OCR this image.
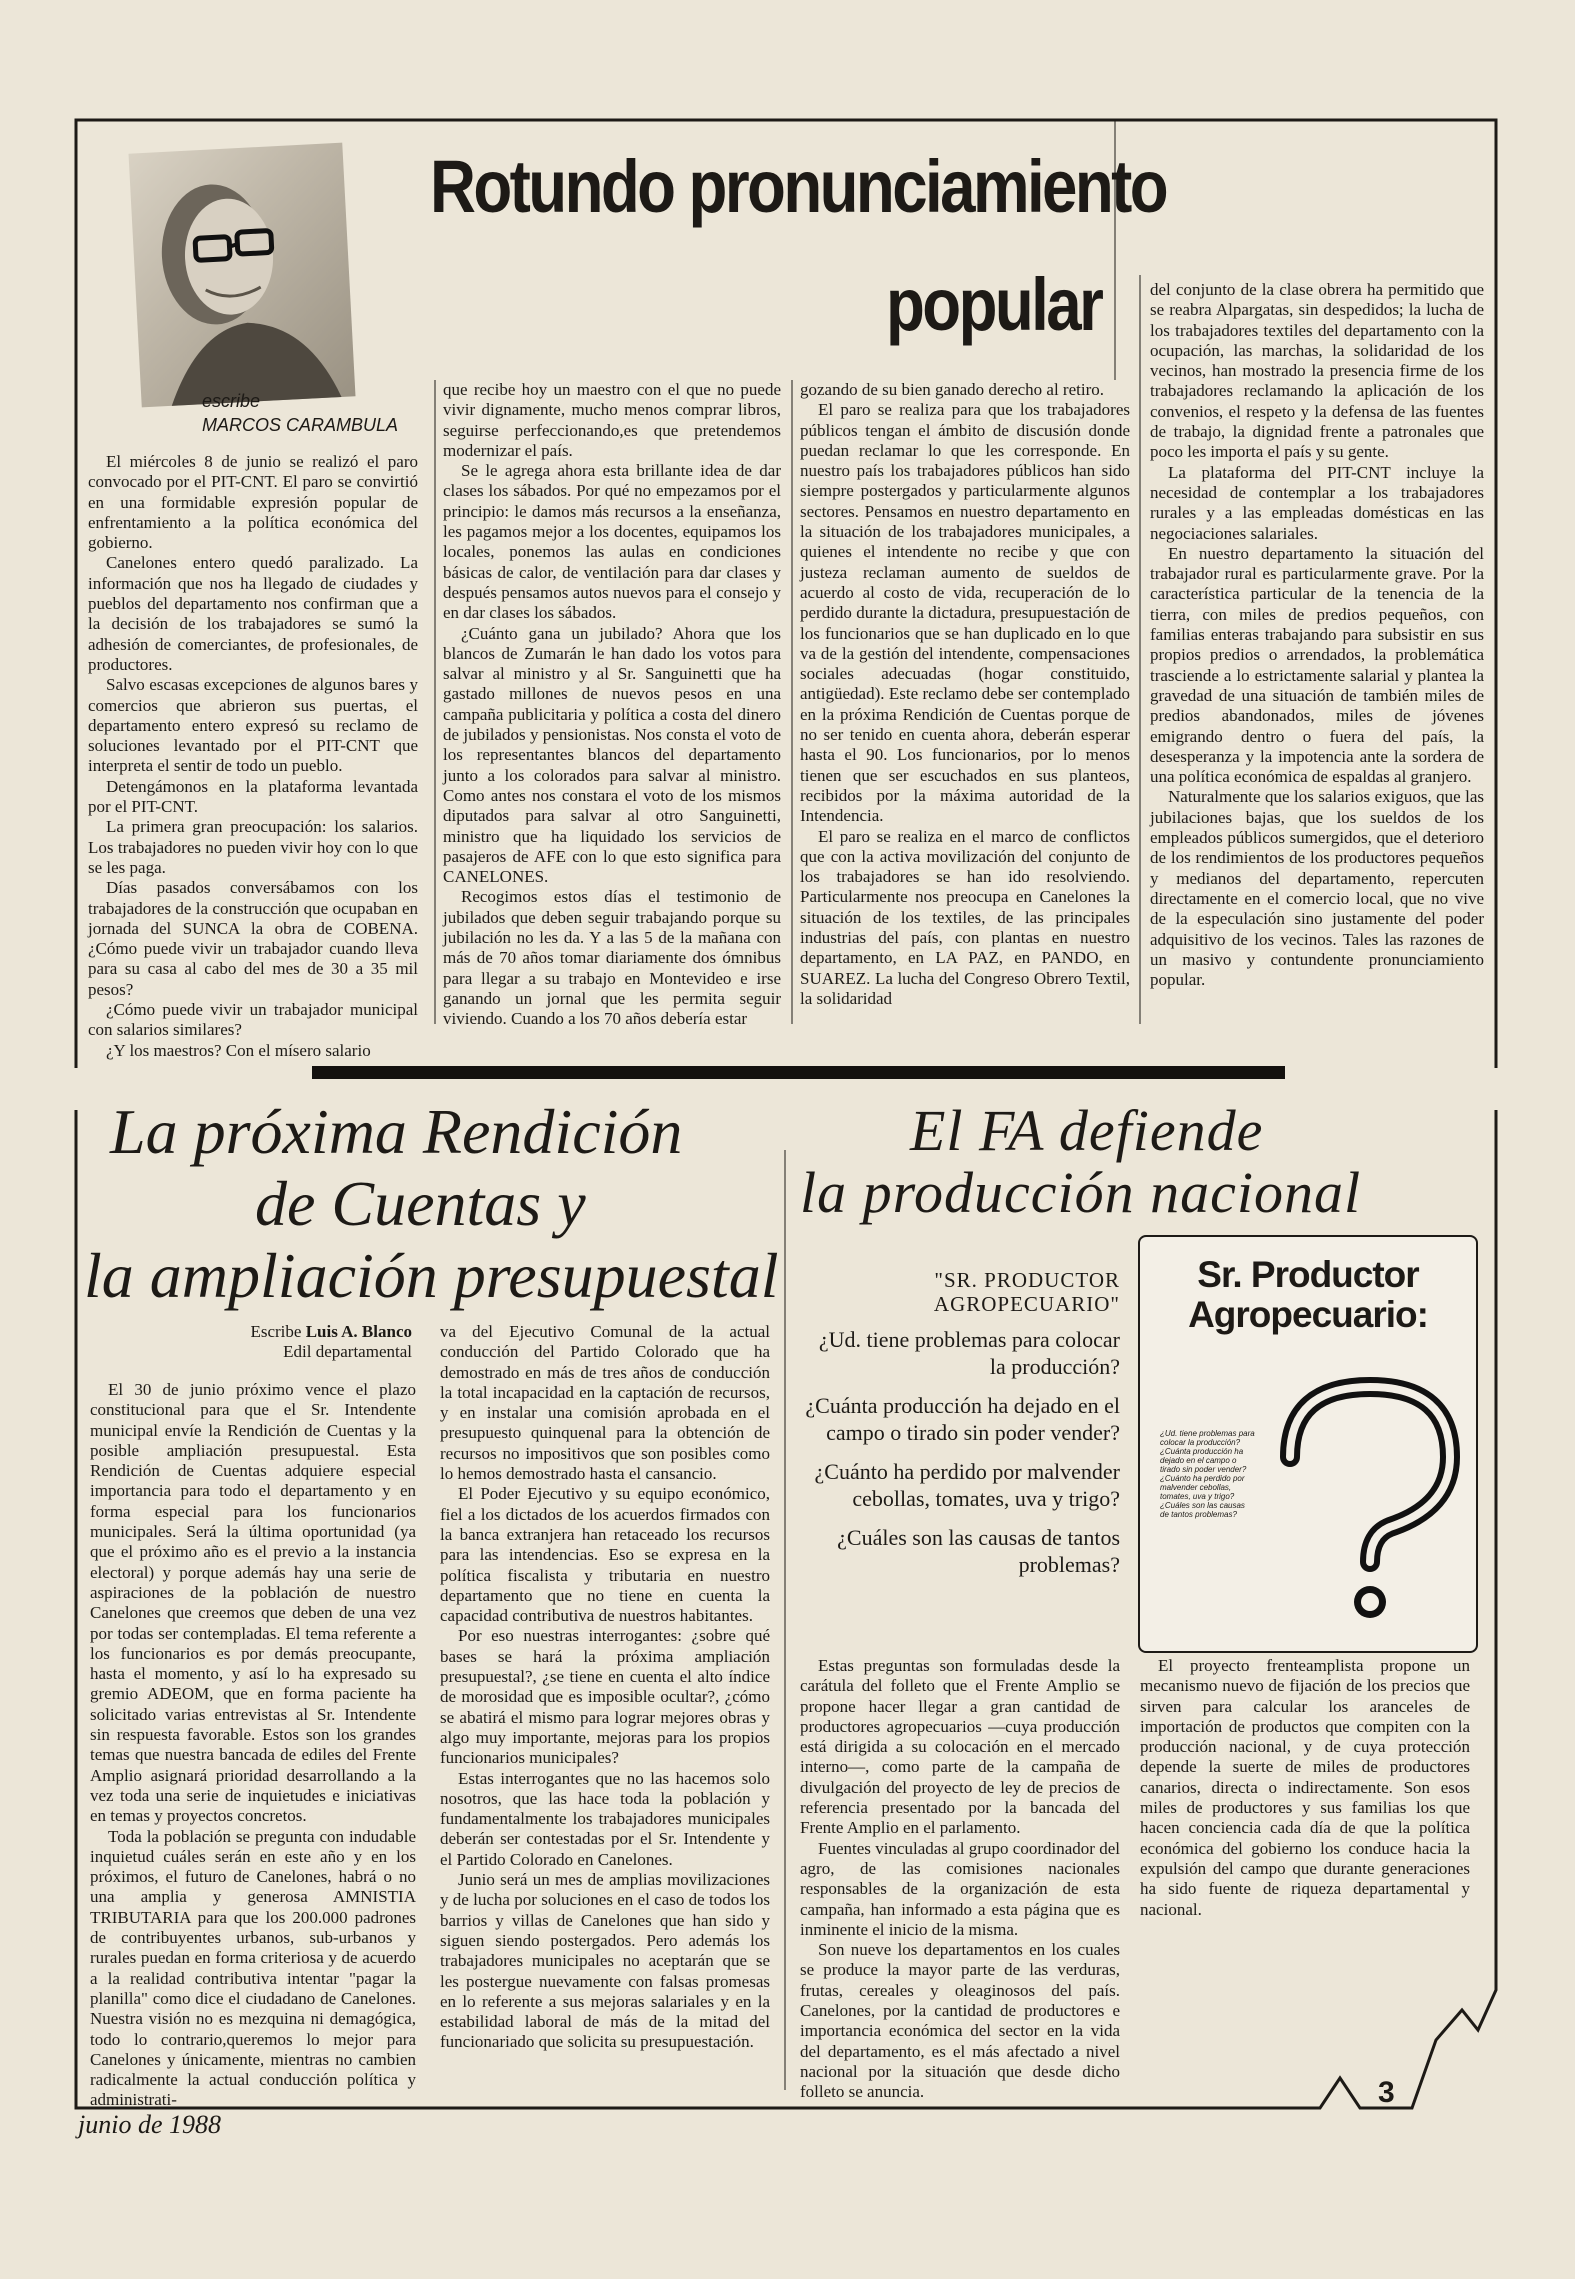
escribe
MARCOS CARAMBULA
Rotundo pronunciamiento
popular

El miércoles 8 de junio se realizó el paro convocado por el PIT-CNT. El paro se convirtió en una formidable expresión popular de enfrentamiento a la política económica del gobierno.

Canelones entero quedó paralizado. La información que nos ha llegado de ciudades y pueblos del departamento nos confirman que a la decisión de los trabajadores se sumó la adhesión de comerciantes, de profesionales, de productores.

Salvo escasas excepciones de algunos bares y comercios que abrieron sus puertas, el departamento entero expresó su reclamo de soluciones levantado por el PIT-CNT que interpreta el sentir de todo un pueblo.

Detengámonos en la plataforma levantada por el PIT-CNT.

La primera gran preocupación: los salarios. Los trabajadores no pueden vivir hoy con lo que se les paga.

Días pasados conversábamos con los trabajadores de la construcción que ocupaban en jornada del SUNCA la obra de COBENA. ¿Cómo puede vivir un trabajador cuando lleva para su casa al cabo del mes de 30 a 35 mil pesos?

¿Cómo puede vivir un trabajador municipal con salarios similares?

¿Y los maestros? Con el mísero salario

que recibe hoy un maestro con el que no puede vivir dignamente, mucho menos comprar libros, seguirse perfeccionando,es que pretendemos modernizar el país.

Se le agrega ahora esta brillante idea de dar clases los sábados. Por qué no empezamos por el principio: le damos más recursos a la enseñanza, les pagamos mejor a los docentes, equipamos los locales, ponemos las aulas en condiciones básicas de calor, de ventilación para dar clases y después pensamos autos nuevos para el consejo y en dar clases los sábados.

¿Cuánto gana un jubilado? Ahora que los blancos de Zumarán le han dado los votos para salvar al ministro y al Sr. Sanguinetti que ha gastado millones de nuevos pesos en una campaña publicitaria y política a costa del dinero de jubilados y pensionistas. Nos consta el voto de los representantes blancos del departamento junto a los colorados para salvar al ministro. Como antes nos constara el voto de los mismos diputados para salvar al otro Sanguinetti, ministro que ha liquidado los servicios de pasajeros de AFE con lo que esto significa para CANELONES.

Recogimos estos días el testimonio de jubilados que deben seguir trabajando porque su jubilación no les da. Y a las 5 de la mañana con más de 70 años tomar diariamente dos ómnibus para llegar a su trabajo en Montevideo e irse ganando un jornal que les permita seguir viviendo. Cuando a los 70 años debería estar

gozando de su bien ganado derecho al retiro.

El paro se realiza para que los trabajadores públicos tengan el ámbito de discusión donde puedan reclamar lo que les corresponde. En nuestro país los trabajadores públicos han sido siempre postergados y particularmente algunos sectores. Pensamos en nuestro departamento en la situación de los trabajadores municipales, a quienes el intendente no recibe y que con justeza reclaman aumento de sueldos de acuerdo al costo de vida, recuperación de lo perdido durante la dictadura, presupuestación de los funcionarios que se han duplicado en lo que va de la gestión del intendente, compensaciones sociales adecuadas (hogar constituido, antigüedad). Este reclamo debe ser contemplado en la próxima Rendición de Cuentas porque de no ser tenido en cuenta ahora, deberán esperar hasta el 90. Los funcionarios, por lo menos tienen que ser escuchados en sus planteos, recibidos por la máxima autoridad de la Intendencia.

El paro se realiza en el marco de conflictos que con la activa movilización del conjunto de los trabajadores se han ido resolviendo. Particularmente nos preocupa en Canelones la situación de los textiles, de las principales industrias del país, con plantas en nuestro departamento, en LA PAZ, en PANDO, en SUAREZ. La lucha del Congreso Obrero Textil, la solidaridad

del conjunto de la clase obrera ha permitido que se reabra Alpargatas, sin despedidos; la lucha de los trabajadores textiles del departamento con la ocupación, las marchas, la solidaridad de los vecinos, han mostrado la presencia firme de los trabajadores reclamando la aplicación de los convenios, el respeto y la defensa de las fuentes de trabajo, la dignidad frente a patronales que poco les importa el país y su gente.

La plataforma del PIT-CNT incluye la necesidad de contemplar a los trabajadores rurales y a las empleadas domésticas en las negociaciones salariales.

En nuestro departamento la situación del trabajador rural es particularmente grave. Por la característica particular de la tenencia de la tierra, con miles de predios pequeños, con familias enteras trabajando para subsistir en sus propios predios o arrendados, la problemática trasciende a lo estrictamente salarial y plantea la gravedad de una situación de también miles de predios abandonados, miles de jóvenes emigrando dentro o fuera del país, la desesperanza y la impotencia ante la sordera de una política económica de espaldas al granjero.

Naturalmente que los salarios exiguos, que las jubilaciones bajas, que los sueldos de los empleados públicos sumergidos, que el deterioro de los rendimientos de los productores pequeños y medianos del departamento, repercuten directamente en el comercio local, que no vive de la especulación sino justamente del poder adquisitivo de los vecinos. Tales las razones de un masivo y contundente pronunciamiento popular.

La próxima Rendición
de Cuentas y
la ampliación presupuestal
Escribe Luis A. Blanco
Edil departamental

El 30 de junio próximo vence el plazo constitucional para que el Sr. Intendente municipal envíe la Rendición de Cuentas y la posible ampliación presupuestal. Esta Rendición de Cuentas adquiere especial importancia para todo el departamento y en forma especial para los funcionarios municipales. Será la última oportunidad (ya que el próximo año es el previo a la instancia electoral) y porque además hay una serie de aspiraciones de la población de nuestro Canelones que creemos que deben de una vez por todas ser contempladas. El tema referente a los funcionarios es por demás preocupante, hasta el momento, y así lo ha expresado su gremio ADEOM, que en forma paciente ha solicitado varias entrevistas al Sr. Intendente sin respuesta favorable. Estos son los grandes temas que nuestra bancada de ediles del Frente Amplio asignará prioridad desarrollando a la vez toda una serie de inquietudes e iniciativas en temas y proyectos concretos.

Toda la población se pregunta con indudable inquietud cuáles serán en este año y en los próximos, el futuro de Canelones, habrá o no una amplia y generosa AMNISTIA TRIBUTARIA para que los 200.000 padrones de contribuyentes urbanos, sub-urbanos y rurales puedan en forma criteriosa y de acuerdo a la realidad contributiva intentar "pagar la planilla" como dice el ciudadano de Canelones. Nuestra visión no es mezquina ni demagógica, todo lo contrario,queremos lo mejor para Canelones y únicamente, mientras no cambien radicalmente la actual conducción política y administrati-

va del Ejecutivo Comunal de la actual conducción del Partido Colorado que ha demostrado en más de tres años de conducción la total incapacidad en la captación de recursos, y en instalar una comisión aprobada en el presupuesto quinquenal para la obtención de recursos no impositivos que son posibles como lo hemos demostrado hasta el cansancio.

El Poder Ejecutivo y su equipo económico, fiel a los dictados de los acuerdos firmados con la banca extranjera han retaceado los recursos para las intendencias. Eso se expresa en la política fiscalista y tributaria en nuestro departamento que no tiene en cuenta la capacidad contributiva de nuestros habitantes.

Por eso nuestras interrogantes: ¿sobre qué bases se hará la próxima ampliación presupuestal?, ¿se tiene en cuenta el alto índice de morosidad que es imposible ocultar?, ¿cómo se abatirá el mismo para lograr mejores obras y algo muy importante, mejoras para los propios funcionarios municipales?

Estas interrogantes que no las hacemos solo nosotros, que las hace toda la población y fundamentalmente los trabajadores municipales deberán ser contestadas por el Sr. Intendente y el Partido Colorado en Canelones.

Junio será un mes de amplias movilizaciones y de lucha por soluciones en el caso de todos los barrios y villas de Canelones que han sido y siguen siendo postergados. Pero además los trabajadores municipales no aceptarán que se les postergue nuevamente con falsas promesas en lo referente a sus mejoras salariales y en la estabilidad laboral de más de la mitad del funcionariado que solicita su presupuestación.

El FA defiende
la producción nacional
"SR. PRODUCTOR
AGROPECUARIO"

¿Ud. tiene problemas para colocar la producción?

¿Cuánta producción ha dejado en el campo o tirado sin poder vender?

¿Cuánto ha perdido por malvender cebollas, tomates, uva y trigo?

¿Cuáles son las causas de tantos problemas?

Sr. Productor
Agropecuario:
¿Ud. tiene problemas para colocar la producción?
¿Cuánta producción ha dejado en el campo o tirado sin poder vender?
¿Cuánto ha perdido por malvender cebollas, tomates, uva y trigo?
¿Cuáles son las causas de tantos problemas?

Estas preguntas son formuladas desde la carátula del folleto que el Frente Amplio se propone hacer llegar a gran cantidad de productores agropecuarios —cuya producción está dirigida a su colocación en el mercado interno—, como parte de la campaña de divulgación del proyecto de ley de precios de referencia presentado por la bancada del Frente Amplio en el parlamento.

Fuentes vinculadas al grupo coordinador del agro, de las comisiones nacionales responsables de la organización de esta campaña, han informado a esta página que es inminente el inicio de la misma.

Son nueve los departamentos en los cuales se produce la mayor parte de las verduras, frutas, cereales y oleaginosos del país. Canelones, por la cantidad de productores e importancia económica del sector en la vida del departamento, es el más afectado a nivel nacional por la situación que desde dicho folleto se anuncia.

El proyecto frenteamplista propone un mecanismo nuevo de fijación de los precios que sirven para calcular los aranceles de importación de productos que compiten con la producción nacional, y de cuya protección depende la suerte de miles de productores canarios, directa o indirectamente. Son esos miles de productores y sus familias los que hacen conciencia cada día de que la política económica del gobierno los conduce hacia la expulsión del campo que durante generaciones ha sido fuente de riqueza departamental y nacional.

junio de 1988
3
